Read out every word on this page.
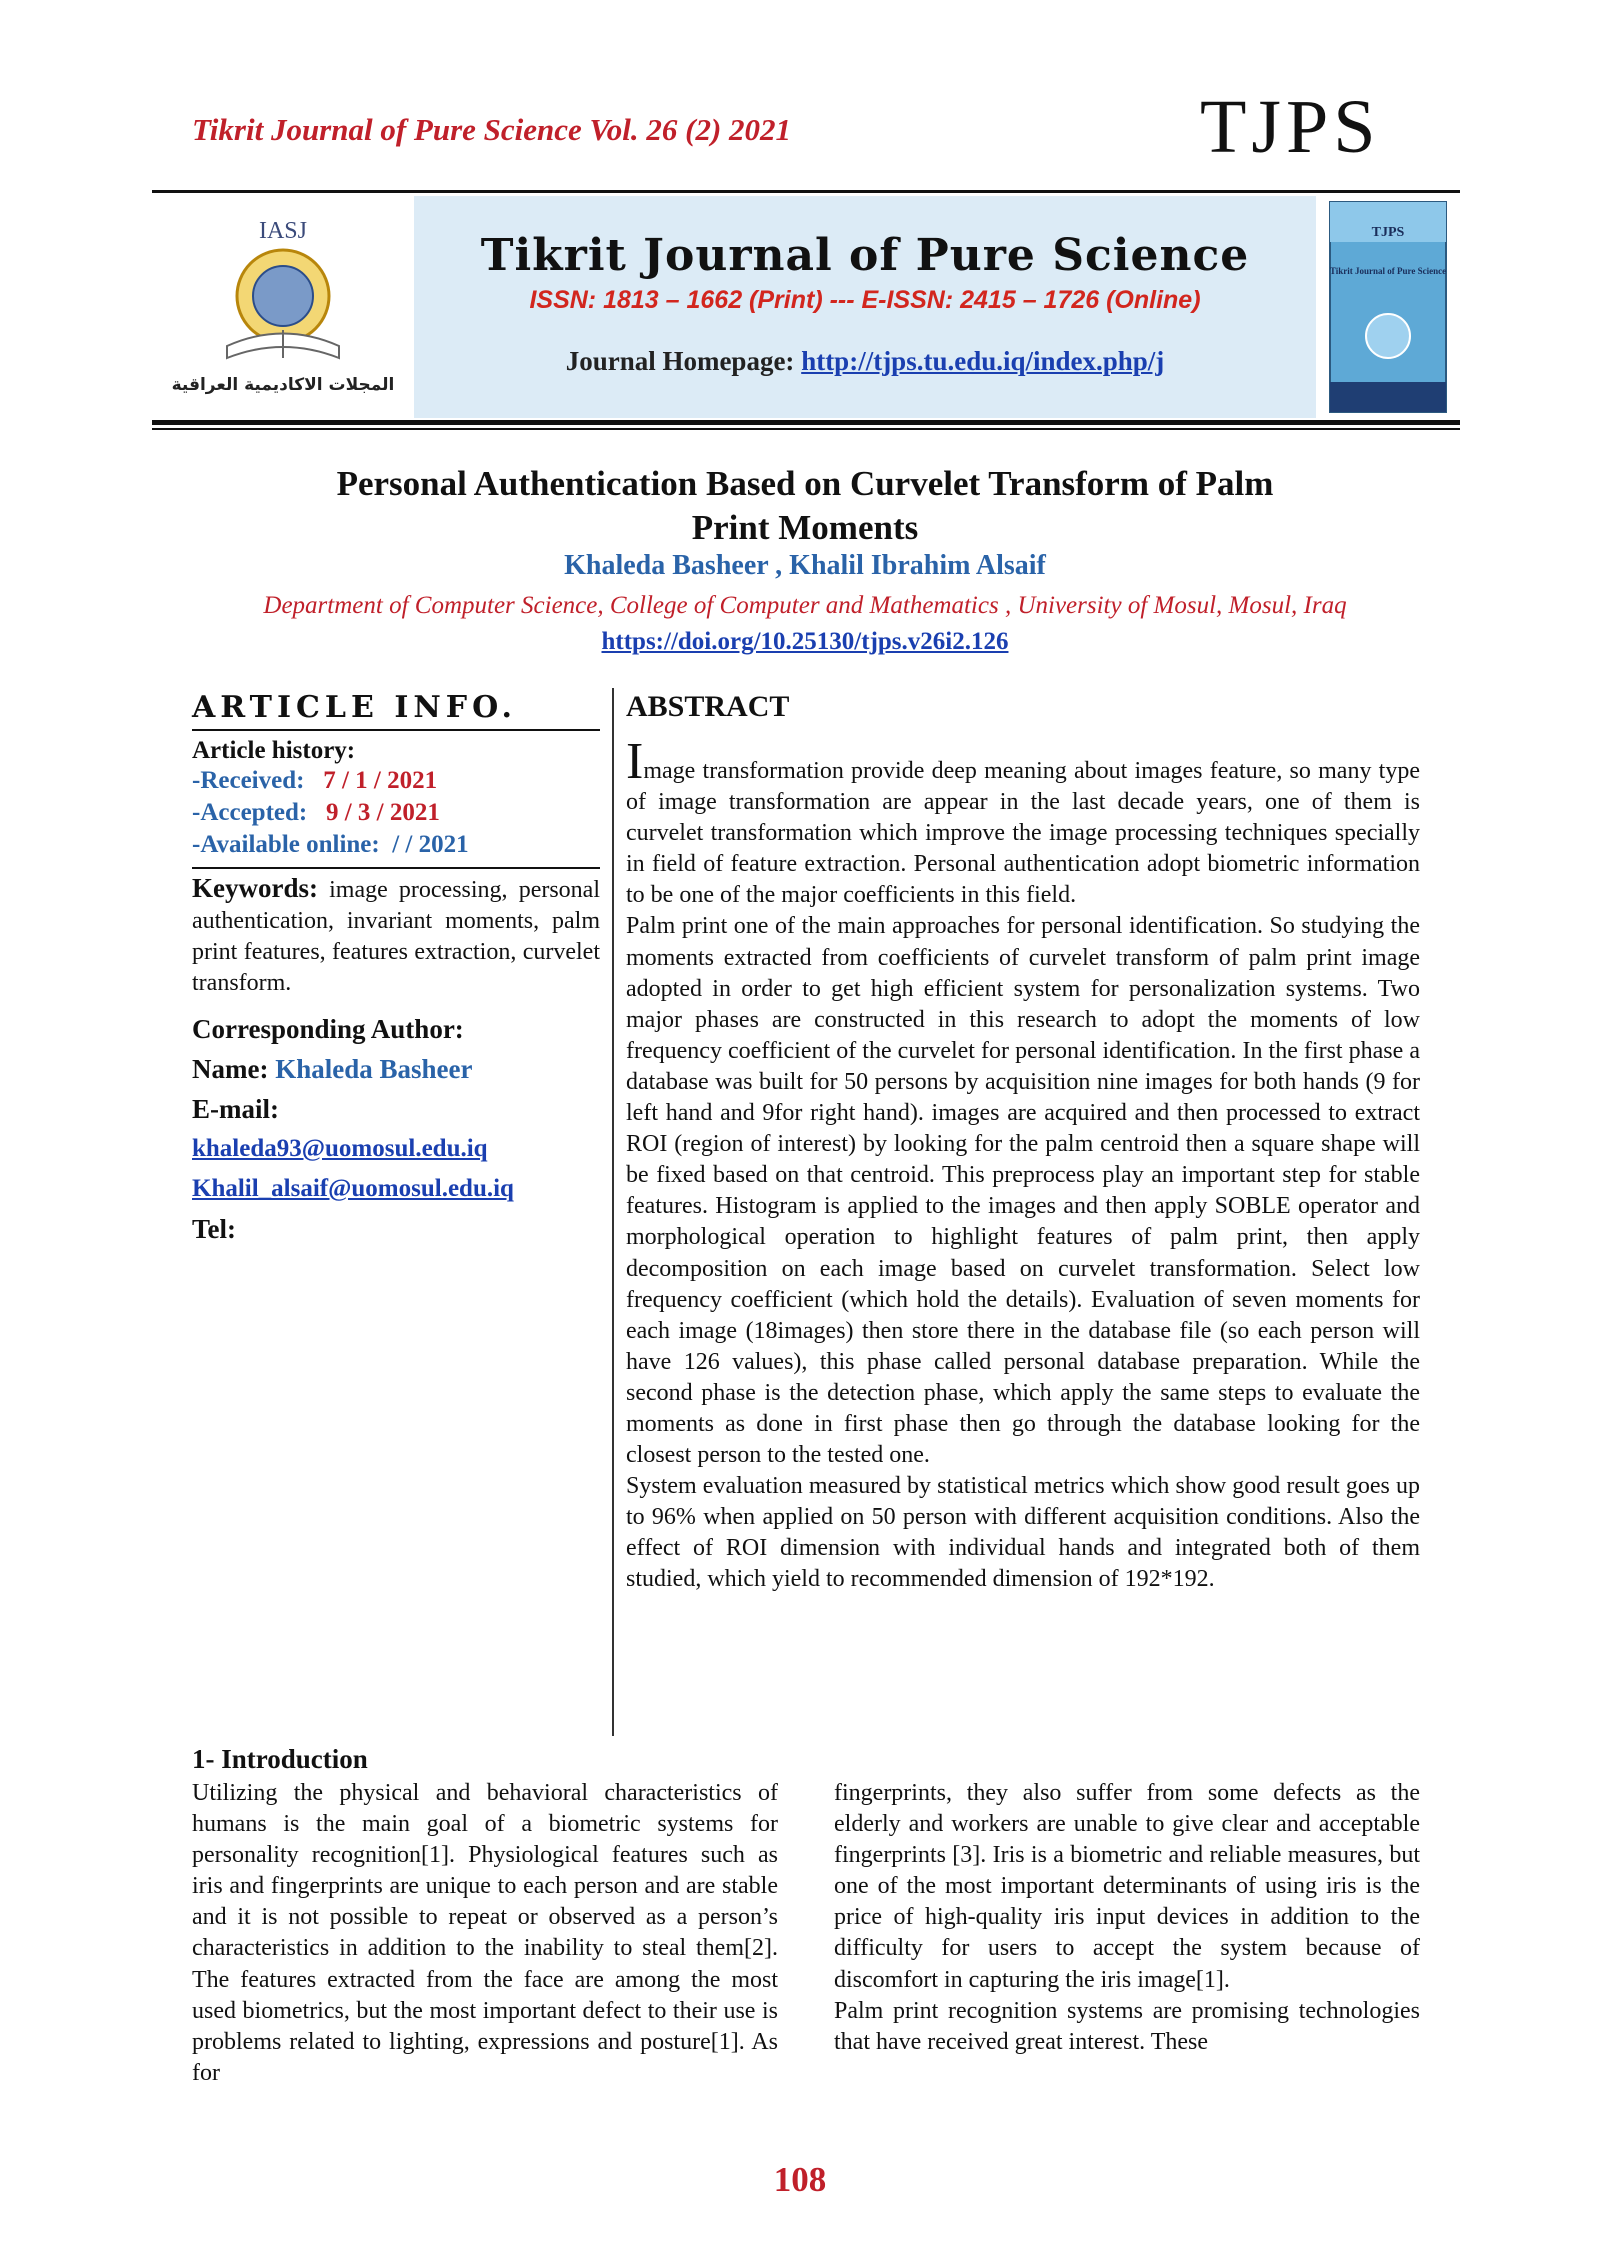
Tikrit Journal of Pure Science Vol. 26 (2) 2021	TJPS
IASJ
المجلات الاكاديمية العراقية
Tikrit Journal of Pure Science
ISSN: 1813 – 1662 (Print) --- E-ISSN: 2415 – 1726 (Online)
Journal Homepage: http://tjps.tu.edu.iq/index.php/j
TJPS
Tikrit Journal of Pure Science
Personal Authentication Based on Curvelet Transform of Palm
Print Moments
Khaleda Basheer , Khalil Ibrahim Alsaif
Department of Computer Science, College of Computer and Mathematics , University of Mosul, Mosul, Iraq
https://doi.org/10.25130/tjps.v26i2.126
ARTICLE INFO.
Article history:
-Received: 7 / 1 / 2021
-Accepted: 9 / 3 / 2021
-Available online: / / 2021
Keywords: image processing, personal authentication, invariant moments, palm print features, features extraction, curvelet transform.
Corresponding Author:
Name: Khaleda Basheer
E-mail:
khaleda93@uomosul.edu.iq
Khalil_alsaif@uomosul.edu.iq
Tel:
ABSTRACT

Image transformation provide deep meaning about images feature, so many type of image transformation are appear in the last decade years, one of them is curvelet transformation which improve the image processing techniques specially in field of feature extraction. Personal authentication adopt biometric information to be one of the major coefficients in this field.

Palm print one of the main approaches for personal identification. So studying the moments extracted from coefficients of curvelet transform of palm print image adopted in order to get high efficient system for personalization systems. Two major phases are constructed in this research to adopt the moments of low frequency coefficient of the curvelet for personal identification. In the first phase a database was built for 50 persons by acquisition nine images for both hands (9 for left hand and 9for right hand). images are acquired and then processed to extract ROI (region of interest) by looking for the palm centroid then a square shape will be fixed based on that centroid. This preprocess play an important step for stable features. Histogram is applied to the images and then apply SOBLE operator and morphological operation to highlight features of palm print, then apply decomposition on each image based on curvelet transformation. Select low frequency coefficient (which hold the details). Evaluation of seven moments for each image (18images) then store there in the database file (so each person will have 126 values), this phase called personal database preparation. While the second phase is the detection phase, which apply the same steps to evaluate the moments as done in first phase then go through the database looking for the closest person to the tested one.

System evaluation measured by statistical metrics which show good result goes up to 96% when applied on 50 person with different acquisition conditions. Also the effect of ROI dimension with individual hands and integrated both of them studied, which yield to recommended dimension of 192*192.

1- Introduction

Utilizing the physical and behavioral characteristics of humans is the main goal of a biometric systems for personality recognition[1]. Physiological features such as iris and fingerprints are unique to each person and are stable and it is not possible to repeat or observed as a person’s characteristics in addition to the inability to steal them[2]. The features extracted from the face are among the most used biometrics, but the most important defect to their use is problems related to lighting, expressions and posture[1]. As for

fingerprints, they also suffer from some defects as the elderly and workers are unable to give clear and acceptable fingerprints [3]. Iris is a biometric and reliable measures, but one of the most important determinants of using iris is the price of high-quality iris input devices in addition to the difficulty for users to accept the system because of discomfort in capturing the iris image[1].

Palm print recognition systems are promising technologies that have received great interest. These

108
